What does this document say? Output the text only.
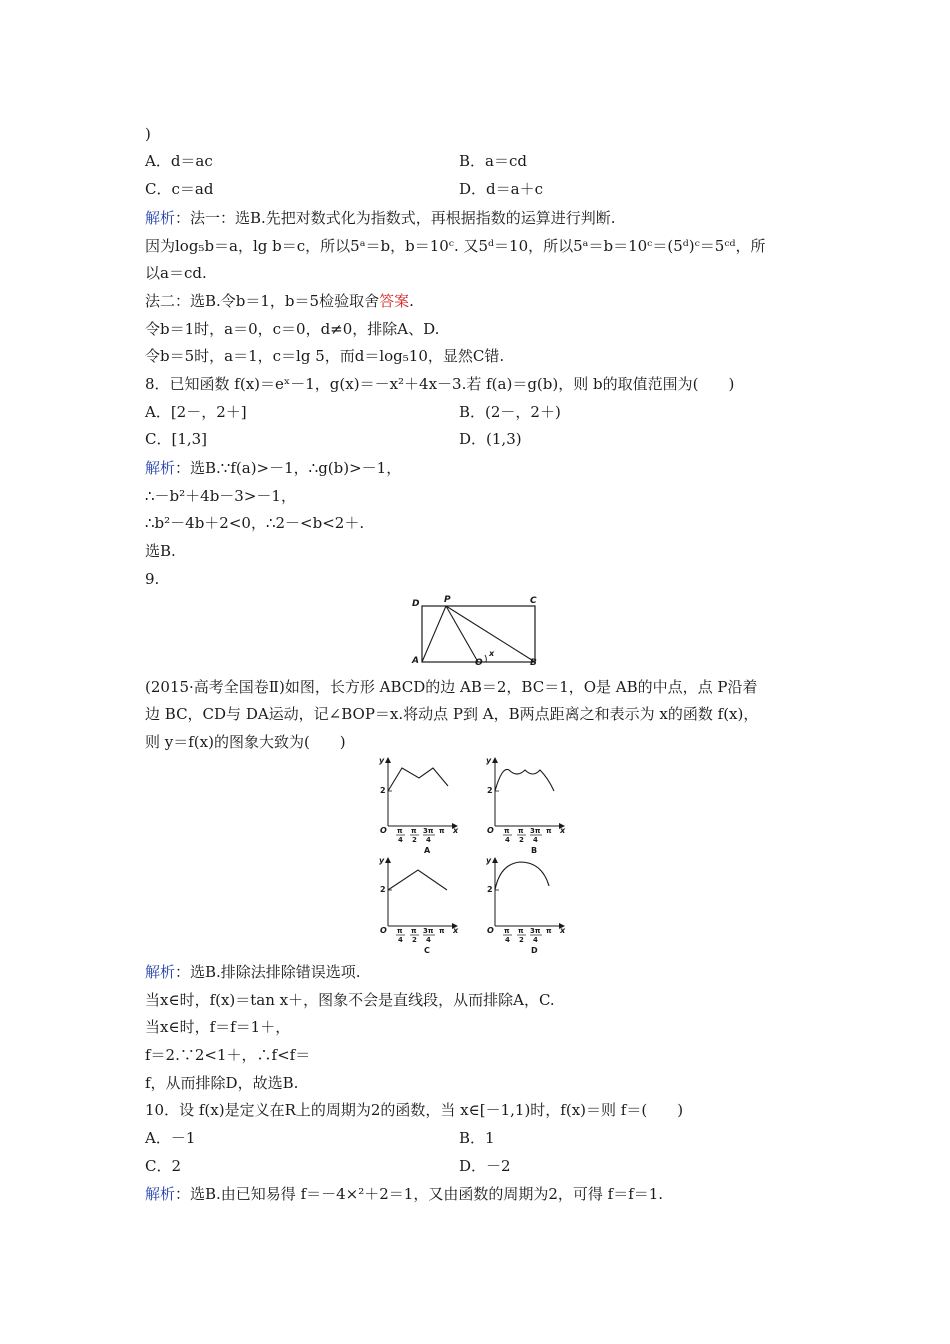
)
A．d＝ac	B．a＝cd
C．c＝ad	D．d＝a＋c
解析：法一：选B.先把对数式化为指数式，再根据指数的运算进行判断.
因为log₅b＝a，lg b＝c，所以5ᵃ＝b，b＝10ᶜ. 又5ᵈ＝10，所以5ᵃ＝b＝10ᶜ＝(5ᵈ)ᶜ＝5ᶜᵈ，所
以a＝cd.
法二：选B.令b＝1，b＝5检验取舍答案.
令b＝1时，a＝0，c＝0，d≠0，排除A、D.
令b＝5时，a＝1，c＝lg 5，而d＝log₅10，显然C错.
8．已知函数 f(x)＝eˣ－1，g(x)＝－x²＋4x－3.若 f(a)＝g(b)，则 b的取值范围为(　　)
A．[2－，2＋]	B．(2－，2＋)
C．[1,3]	D．(1,3)
解析：选B.∵f(a)>－1，∴g(b)>－1，
∴－b²＋4b－3>－1，
∴b²－4b＋2<0，∴2－<b<2＋.
选B.
9.
D	P	C
A	O	B
x
(2015·高考全国卷Ⅱ)如图，长方形 ABCD的边 AB＝2，BC＝1，O是 AB的中点，点 P沿着
边 BC，CD与 DA运动，记∠BOP＝x.将动点 P到 A，B两点距离之和表示为 x的函数 f(x)，
则 y＝f(x)的图象大致为(　　)
y
2
O	x
π
4
π
2
3π
4
π
A
y
2
O	x
π
4
π
2
3π
4
π
B
y
2
O	x
π
4
π
2
3π
4
π
C
y
2
O	x
π
4
π
2
3π
4
π
D
解析：选B.排除法排除错误选项.
当x∈时，f(x)＝tan x＋，图象不会是直线段，从而排除A，C.
当x∈时，f＝f＝1＋，
f＝2.∵2<1＋，∴f<f＝
f，从而排除D，故选B.
10．设 f(x)是定义在R上的周期为2的函数，当 x∈[－1,1)时，f(x)＝则 f＝(　　)
A．－1	B．1
C．2	D．－2
解析：选B.由已知易得 f＝－4×²＋2＝1，又由函数的周期为2，可得 f＝f＝1.
